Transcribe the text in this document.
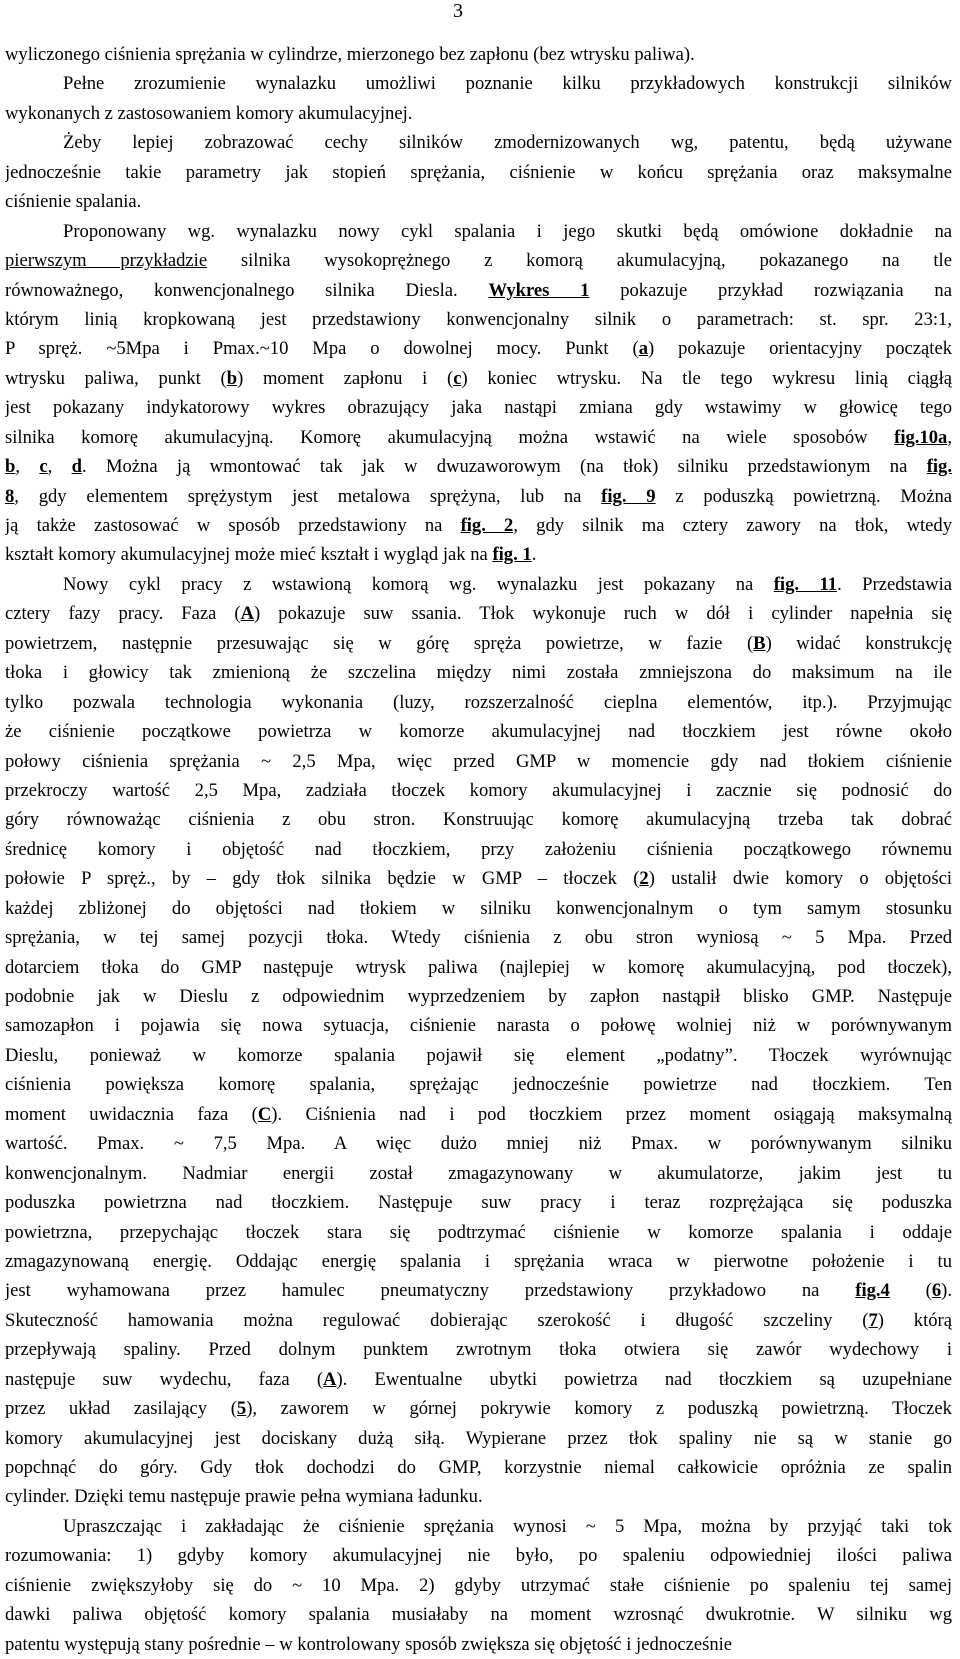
3
wyliczonego ciśnienia sprężania w cylindrze, mierzonego bez zapłonu (bez wtrysku paliwa).
Pełne zrozumienie wynalazku umożliwi poznanie kilku przykładowych konstrukcji silników
wykonanych z zastosowaniem komory akumulacyjnej.
Żeby lepiej zobrazować cechy silników zmodernizowanych wg, patentu, będą używane
jednocześnie takie parametry jak stopień sprężania, ciśnienie w końcu sprężania oraz maksymalne
ciśnienie spalania.
Proponowany wg. wynalazku nowy cykl spalania i jego skutki będą omówione dokładnie na
pierwszym przykładzie silnika wysokoprężnego z komorą akumulacyjną, pokazanego na tle
równoważnego, konwencjonalnego silnika Diesla. Wykres 1 pokazuje przykład rozwiązania na
którym linią kropkowaną jest przedstawiony konwencjonalny silnik o parametrach: st. spr. 23:1,
P spręż. ~5Mpa i Pmax.~10 Mpa o dowolnej mocy. Punkt (a) pokazuje orientacyjny początek
wtrysku paliwa, punkt (b) moment zapłonu i (c) koniec wtrysku. Na tle tego wykresu linią ciągłą
jest pokazany indykatorowy wykres obrazujący jaka nastąpi zmiana gdy wstawimy w głowicę tego
silnika komorę akumulacyjną. Komorę akumulacyjną można wstawić na wiele sposobów fig.10a,
b, c, d. Można ją wmontować tak jak w dwuzaworowym (na tłok) silniku przedstawionym na fig.
8, gdy elementem sprężystym jest metalowa sprężyna, lub na fig. 9 z poduszką powietrzną. Można
ją także zastosować w sposób przedstawiony na fig. 2, gdy silnik ma cztery zawory na tłok, wtedy
kształt komory akumulacyjnej może mieć kształt i wygląd jak na fig. 1.
Nowy cykl pracy z wstawioną komorą wg. wynalazku jest pokazany na fig. 11. Przedstawia
cztery fazy pracy. Faza (A) pokazuje suw ssania. Tłok wykonuje ruch w dół i cylinder napełnia się
powietrzem, następnie przesuwając się w górę spręża powietrze, w fazie (B) widać konstrukcję
tłoka i głowicy tak zmienioną że szczelina między nimi została zmniejszona do maksimum na ile
tylko pozwala technologia wykonania (luzy, rozszerzalność cieplna elementów, itp.). Przyjmując
że ciśnienie początkowe powietrza w komorze akumulacyjnej nad tłoczkiem jest równe około
połowy ciśnienia sprężania ~ 2,5 Mpa, więc przed GMP w momencie gdy nad tłokiem ciśnienie
przekroczy wartość 2,5 Mpa, zadziała tłoczek komory akumulacyjnej i zacznie się podnosić do
góry równoważąc ciśnienia z obu stron. Konstruując komorę akumulacyjną trzeba tak dobrać
średnicę komory i objętość nad tłoczkiem, przy założeniu ciśnienia początkowego równemu
połowie P spręż., by – gdy tłok silnika będzie w GMP – tłoczek (2) ustalił dwie komory o objętości
każdej zbliżonej do objętości nad tłokiem w silniku konwencjonalnym o tym samym stosunku
sprężania, w tej samej pozycji tłoka. Wtedy ciśnienia z obu stron wyniosą ~ 5 Mpa. Przed
dotarciem tłoka do GMP następuje wtrysk paliwa (najlepiej w komorę akumulacyjną, pod tłoczek),
podobnie jak w Dieslu z odpowiednim wyprzedzeniem by zapłon nastąpił blisko GMP. Następuje
samozapłon i pojawia się nowa sytuacja, ciśnienie narasta o połowę wolniej niż w porównywanym
Dieslu, ponieważ w komorze spalania pojawił się element „podatny”. Tłoczek wyrównując
ciśnienia powiększa komorę spalania, sprężając jednocześnie powietrze nad tłoczkiem. Ten
moment uwidacznia faza (C). Ciśnienia nad i pod tłoczkiem przez moment osiągają maksymalną
wartość. Pmax. ~ 7,5 Mpa. A więc dużo mniej niż Pmax. w porównywanym silniku
konwencjonalnym. Nadmiar energii został zmagazynowany w akumulatorze, jakim jest tu
poduszka powietrzna nad tłoczkiem. Następuje suw pracy i teraz rozprężająca się poduszka
powietrzna, przepychając tłoczek stara się podtrzymać ciśnienie w komorze spalania i oddaje
zmagazynowaną energię. Oddając energię spalania i sprężania wraca w pierwotne położenie i tu
jest wyhamowana przez hamulec pneumatyczny przedstawiony przykładowo na fig.4 (6).
Skuteczność hamowania można regulować dobierając szerokość i długość szczeliny (7) którą
przepływają spaliny. Przed dolnym punktem zwrotnym tłoka otwiera się zawór wydechowy i
następuje suw wydechu, faza (A). Ewentualne ubytki powietrza nad tłoczkiem są uzupełniane
przez układ zasilający (5), zaworem w górnej pokrywie komory z poduszką powietrzną. Tłoczek
komory akumulacyjnej jest dociskany dużą siłą. Wypierane przez tłok spaliny nie są w stanie go
popchnąć do góry. Gdy tłok dochodzi do GMP, korzystnie niemal całkowicie opróżnia ze spalin
cylinder. Dzięki temu następuje prawie pełna wymiana ładunku.
Upraszczając i zakładając że ciśnienie sprężania wynosi ~ 5 Mpa, można by przyjąć taki tok
rozumowania: 1) gdyby komory akumulacyjnej nie było, po spaleniu odpowiedniej ilości paliwa
ciśnienie zwiększyłoby się do ~ 10 Mpa. 2) gdyby utrzymać stałe ciśnienie po spaleniu tej samej
dawki paliwa objętość komory spalania musiałaby na moment wzrosnąć dwukrotnie. W silniku wg
patentu występują stany pośrednie – w kontrolowany sposób zwiększa się objętość i jednocześnie
